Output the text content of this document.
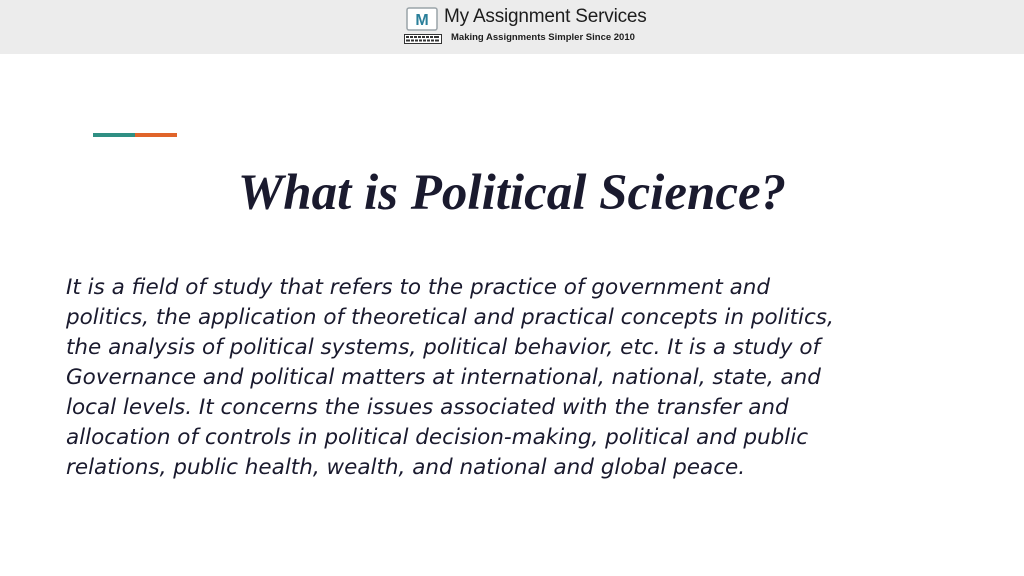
M My Assignment Services
Making Assignments Simpler Since 2010
What is Political Science?

It is a field of study that refers to the practice of government and
politics, the application of theoretical and practical concepts in politics,
the analysis of political systems, political behavior, etc. It is a study of
Governance and political matters at international, national, state, and
local levels. It concerns the issues associated with the transfer and
allocation of controls in political decision-making, political and public
relations, public health, wealth, and national and global peace.
